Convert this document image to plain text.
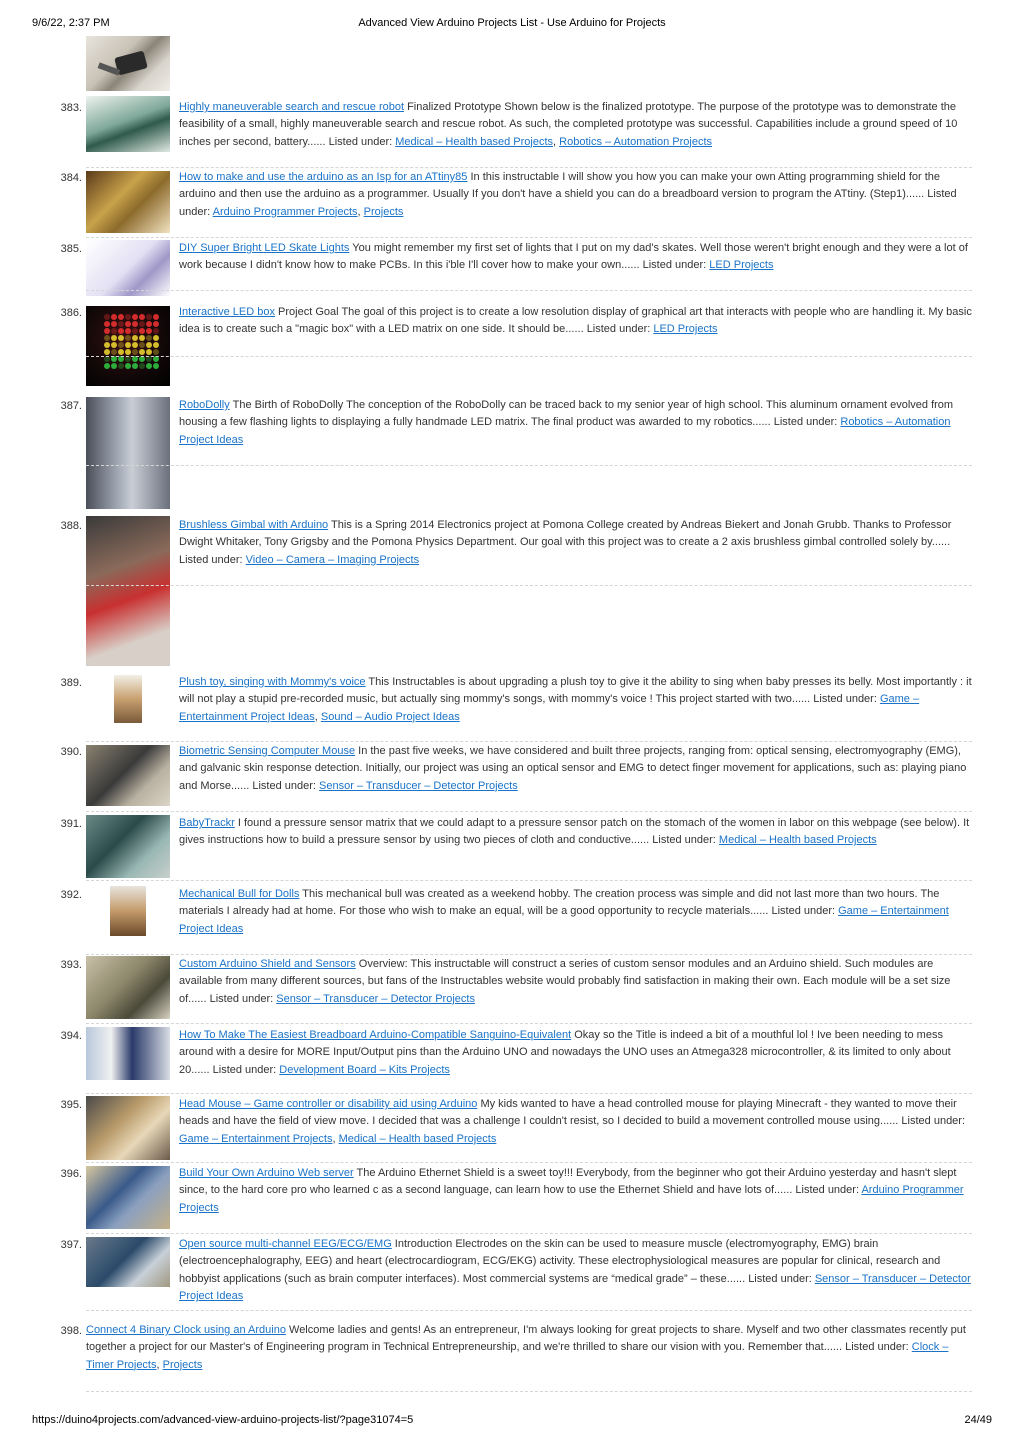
9/6/22, 2:37 PM	Advanced View Arduino Projects List - Use Arduino for Projects
383.	Highly maneuverable search and rescue robot Finalized Prototype Shown below is the finalized prototype. The purpose of the prototype was to demonstrate the feasibility of a small, highly maneuverable search and rescue robot. As such, the completed prototype was successful. Capabilities include a ground speed of 10 inches per second, battery...... Listed under: Medical – Health based Projects, Robotics – Automation Projects
384.	How to make and use the arduino as an Isp for an ATtiny85 In this instructable I will show you how you can make your own Atting programming shield for the arduino and then use the arduino as a programmer. Usually If you don't have a shield you can do a breadboard version to program the ATtiny. (Step1)...... Listed under: Arduino Programmer Projects, Projects
385.	DIY Super Bright LED Skate Lights You might remember my first set of lights that I put on my dad's skates. Well those weren't bright enough and they were a lot of work because I didn't know how to make PCBs. In this i'ble I'll cover how to make your own...... Listed under: LED Projects
386.	Interactive LED box Project Goal The goal of this project is to create a low resolution display of graphical art that interacts with people who are handling it. My basic idea is to create such a "magic box" with a LED matrix on one side. It should be...... Listed under: LED Projects
387.	RoboDolly The Birth of RoboDolly The conception of the RoboDolly can be traced back to my senior year of high school. This aluminum ornament evolved from housing a few flashing lights to displaying a fully handmade LED matrix. The final product was awarded to my robotics...... Listed under: Robotics – Automation Project Ideas
388.	Brushless Gimbal with Arduino This is a Spring 2014 Electronics project at Pomona College created by Andreas Biekert and Jonah Grubb. Thanks to Professor Dwight Whitaker, Tony Grigsby and the Pomona Physics Department. Our goal with this project was to create a 2 axis brushless gimbal controlled solely by...... Listed under: Video – Camera – Imaging Projects
389.	Plush toy, singing with Mommy's voice This Instructables is about upgrading a plush toy to give it the ability to sing when baby presses its belly. Most importantly : it will not play a stupid pre-recorded music, but actually sing mommy's songs, with mommy's voice ! This project started with two...... Listed under: Game – Entertainment Project Ideas, Sound – Audio Project Ideas
390.	Biometric Sensing Computer Mouse In the past five weeks, we have considered and built three projects, ranging from: optical sensing, electromyography (EMG), and galvanic skin response detection. Initially, our project was using an optical sensor and EMG to detect finger movement for applications, such as: playing piano and Morse...... Listed under: Sensor – Transducer – Detector Projects
391.	BabyTrackr I found a pressure sensor matrix that we could adapt to a pressure sensor patch on the stomach of the women in labor on this webpage (see below). It gives instructions how to build a pressure sensor by using two pieces of cloth and conductive...... Listed under: Medical – Health based Projects
392.	Mechanical Bull for Dolls This mechanical bull was created as a weekend hobby. The creation process was simple and did not last more than two hours. The materials I already had at home. For those who wish to make an equal, will be a good opportunity to recycle materials...... Listed under: Game – Entertainment Project Ideas
393.	Custom Arduino Shield and Sensors Overview: This instructable will construct a series of custom sensor modules and an Arduino shield. Such modules are available from many different sources, but fans of the Instructables website would probably find satisfaction in making their own. Each module will be a set size of...... Listed under: Sensor – Transducer – Detector Projects
394.	How To Make The Easiest Breadboard Arduino-Compatible Sanguino-Equivalent Okay so the Title is indeed a bit of a mouthful lol ! Ive been needing to mess around with a desire for MORE Input/Output pins than the Arduino UNO and nowadays the UNO uses an Atmega328 microcontroller, & its limited to only about 20...... Listed under: Development Board – Kits Projects
395.	Head Mouse – Game controller or disability aid using Arduino My kids wanted to have a head controlled mouse for playing Minecraft - they wanted to move their heads and have the field of view move. I decided that was a challenge I couldn't resist, so I decided to build a movement controlled mouse using...... Listed under: Game – Entertainment Projects, Medical – Health based Projects
396.	Build Your Own Arduino Web server The Arduino Ethernet Shield is a sweet toy!!! Everybody, from the beginner who got their Arduino yesterday and hasn't slept since, to the hard core pro who learned c as a second language, can learn how to use the Ethernet Shield and have lots of...... Listed under: Arduino Programmer Projects
397.	Open source multi-channel EEG/ECG/EMG Introduction Electrodes on the skin can be used to measure muscle (electromyography, EMG) brain (electroencephalography, EEG) and heart (electrocardiogram, ECG/EKG) activity. These electrophysiological measures are popular for clinical, research and hobbyist applications (such as brain computer interfaces). Most commercial systems are “medical grade” – these...... Listed under: Sensor – Transducer – Detector Project Ideas
398. Connect 4 Binary Clock using an Arduino Welcome ladies and gents! As an entrepreneur, I'm always looking for great projects to share. Myself and two other classmates recently put together a project for our Master's of Engineering program in Technical Entrepreneurship, and we're thrilled to share our vision with you. Remember that...... Listed under: Clock – Timer Projects, Projects
https://duino4projects.com/advanced-view-arduino-projects-list/?page31074=5	24/49
